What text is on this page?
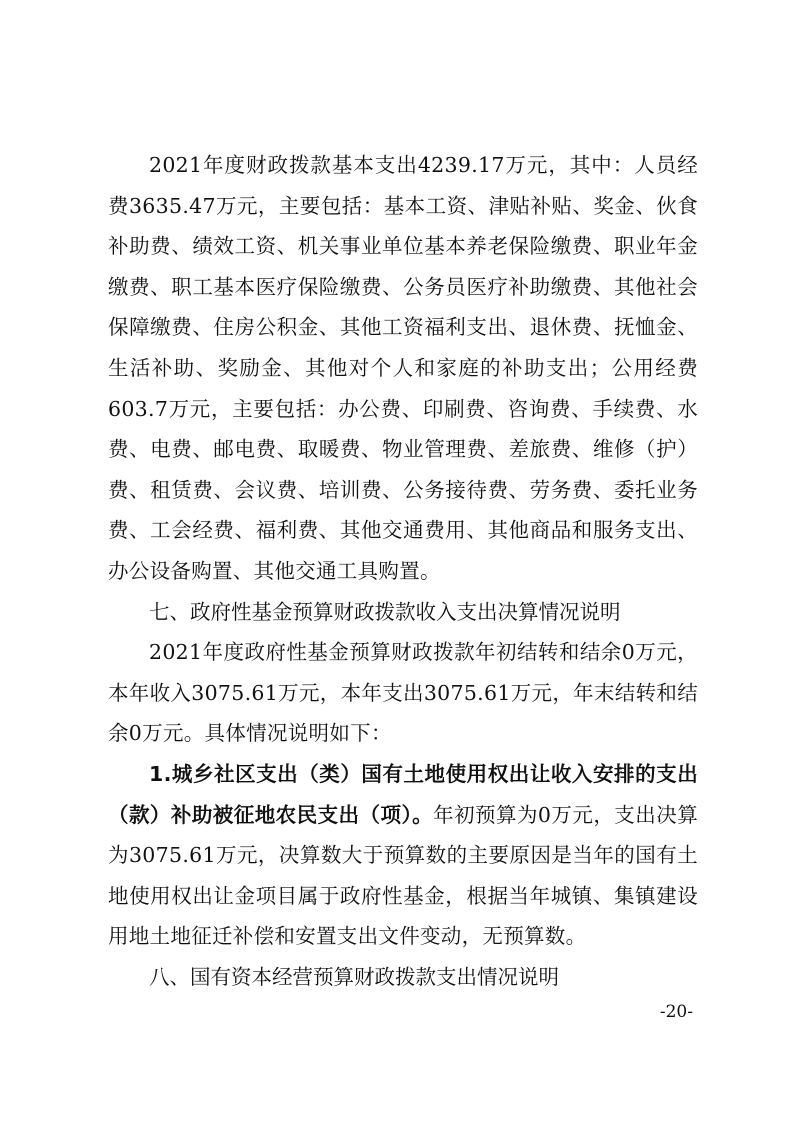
2021年度财政拨款基本支出4239.17万元，其中：人员经费3635.47万元，主要包括：基本工资、津贴补贴、奖金、伙食补助费、绩效工资、机关事业单位基本养老保险缴费、职业年金缴费、职工基本医疗保险缴费、公务员医疗补助缴费、其他社会保障缴费、住房公积金、其他工资福利支出、退休费、抚恤金、生活补助、奖励金、其他对个人和家庭的补助支出；公用经费603.7万元，主要包括：办公费、印刷费、咨询费、手续费、水费、电费、邮电费、取暖费、物业管理费、差旅费、维修（护）费、租赁费、会议费、培训费、公务接待费、劳务费、委托业务费、工会经费、福利费、其他交通费用、其他商品和服务支出、办公设备购置、其他交通工具购置。

七、政府性基金预算财政拨款收入支出决算情况说明

2021年度政府性基金预算财政拨款年初结转和结余0万元，本年收入3075.61万元，本年支出3075.61万元，年末结转和结余0万元。具体情况说明如下：

1.城乡社区支出（类）国有土地使用权出让收入安排的支出（款）补助被征地农民支出（项）。年初预算为0万元，支出决算为3075.61万元，决算数大于预算数的主要原因是当年的国有土地使用权出让金项目属于政府性基金，根据当年城镇、集镇建设用地土地征迁补偿和安置支出文件变动，无预算数。

八、国有资本经营预算财政拨款支出情况说明

-20-
